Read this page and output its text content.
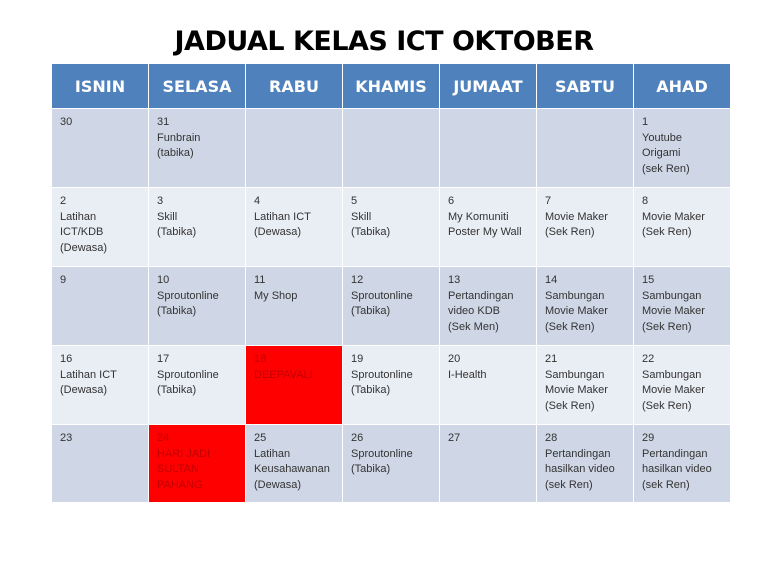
JADUAL KELAS ICT OKTOBER
ISNIN	SELASA	RABU	KHAMIS	JUMAAT	SABTU	AHAD

30	31
Funbrain
(tabika)					1
Youtube
Origami
(sek Ren)

2
Latihan
ICT/KDB
(Dewasa)	3
Skill
(Tabika)	4
Latihan ICT
(Dewasa)	5
Skill
(Tabika)	6
My Komuniti
Poster My Wall	7
Movie Maker
(Sek Ren)	8
Movie Maker
(Sek Ren)

9	10
Sproutonline
(Tabika)	11
My Shop	12
Sproutonline
(Tabika)	13
Pertandingan
video KDB
(Sek Men)	14
Sambungan
Movie Maker
(Sek Ren)	15
Sambungan
Movie Maker
(Sek Ren)

16
Latihan ICT
(Dewasa)	17
Sproutonline
(Tabika)	18
DEEPAVALI	19
Sproutonline
(Tabika)	20
I-Health	21
Sambungan
Movie Maker
(Sek Ren)	22
Sambungan
Movie Maker
(Sek Ren)

23	24
HARI JADI
SULTAN
PAHANG	25
Latihan
Keusahawanan
(Dewasa)	26
Sproutonline
(Tabika)	27	28
Pertandingan
hasilkan video
(sek Ren)	29
Pertandingan
hasilkan video
(sek Ren)
